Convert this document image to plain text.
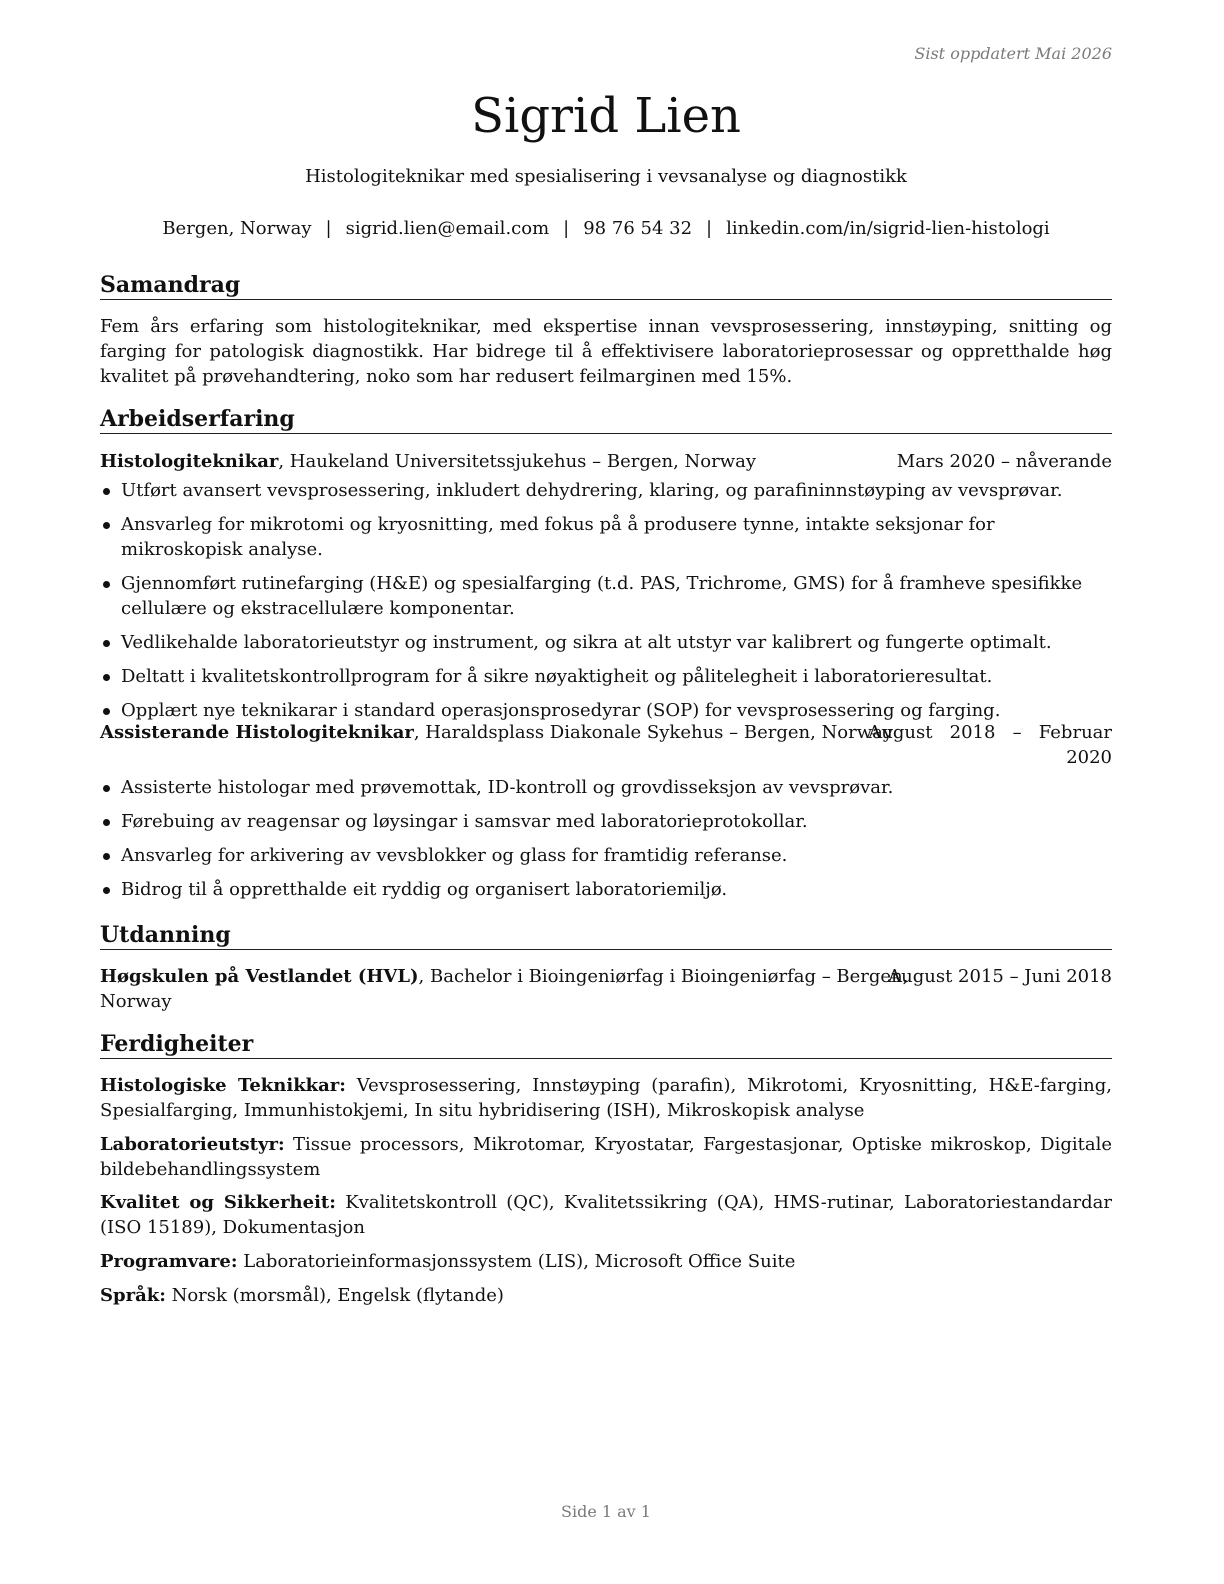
Sist oppdatert Mai 2026
Sigrid Lien
Histologiteknikar med spesialisering i vevsanalyse og diagnostikk
Bergen, Norway | sigrid.lien@email.com | 98 76 54 32 | linkedin.com/in/sigrid-lien-histologi
Samandrag
Fem års erfaring som histologiteknikar, med ekspertise innan vevsprosessering, innstøyping, snitting og farging for patologisk diagnostikk. Har bidrege til å effektivisere laboratorieprosessar og oppretthalde høg kvalitet på prøvehandtering, noko som har redusert feilmarginen med 15%.
Arbeidserfaring
Histologiteknikar, Haukeland Universitetssjukehus – Bergen, Norway	Mars 2020 – nåverande
Utført avansert vevsprosessering, inkludert dehydrering, klaring, og parafininnstøyping av vevsprøvar.
Ansvarleg for mikrotomi og kryosnitting, med fokus på å produsere tynne, intakte seksjonar for mikroskopisk analyse.
Gjennomført rutinefarging (H&E) og spesialfarging (t.d. PAS, Trichrome, GMS) for å framheve spesifikke cellulære og ekstracellulære komponentar.
Vedlikehalde laboratorieutstyr og instrument, og sikra at alt utstyr var kalibrert og fungerte optimalt.
Deltatt i kvalitetskontrollprogram for å sikre nøyaktigheit og pålitelegheit i laboratorieresultat.
Opplært nye teknikarar i standard operasjonsprosedyrar (SOP) for vevsprosessering og farging.
Assisterande Histologiteknikar, Haraldsplass Diakonale Sykehus – Bergen, Norway
August   2018   –   Februar
2020
Assisterte histologar med prøvemottak, ID-kontroll og grovdisseksjon av vevsprøvar.
Førebuing av reagensar og løysingar i samsvar med laboratorieprotokollar.
Ansvarleg for arkivering av vevsblokker og glass for framtidig referanse.
Bidrog til å oppretthalde eit ryddig og organisert laboratoriemiljø.
Utdanning
Høgskulen på Vestlandet (HVL), Bachelor i Bioingeniørfag i Bioingeniørfag – Bergen,
Norway
August 2015 – Juni 2018
Ferdigheiter
Histologiske Teknikkar: Vevsprosessering, Innstøyping (parafin), Mikrotomi, Kryosnitting, H&E-farging, Spesialfarging, Immunhistokjemi, In situ hybridisering (ISH), Mikroskopisk analyse
Laboratorieutstyr: Tissue processors, Mikrotomar, Kryostatar, Fargestasjonar, Optiske mikroskop, Digitale bildebehandlingssystem
Kvalitet og Sikkerheit: Kvalitetskontroll (QC), Kvalitetssikring (QA), HMS-rutinar, Laboratoriestandardar (ISO 15189), Dokumentasjon
Programvare: Laboratorieinformasjonssystem (LIS), Microsoft Office Suite
Språk: Norsk (morsmål), Engelsk (flytande)
Side 1 av 1
